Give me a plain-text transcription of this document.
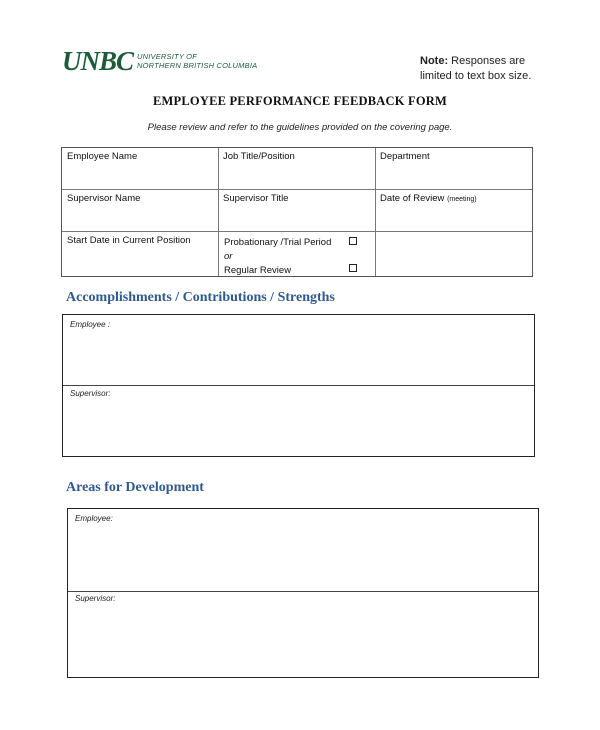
UNBC UNIVERSITY OF
NORTHERN BRITISH COLUMBIA	Note: Responses are
limited to text box size.
EMPLOYEE PERFORMANCE FEEDBACK FORM
Please review and refer to the guidelines provided on the covering page.
Employee Name	Job Title/Position	Department
Supervisor Name	Supervisor Title	Date of Review (meeting)
Start Date in Current Position	Probationary /Trial Period
or
Regular Review
Accomplishments / Contributions / Strengths
Employee :
Supervisor:
Areas for Development
Employee:
Supervisor:
